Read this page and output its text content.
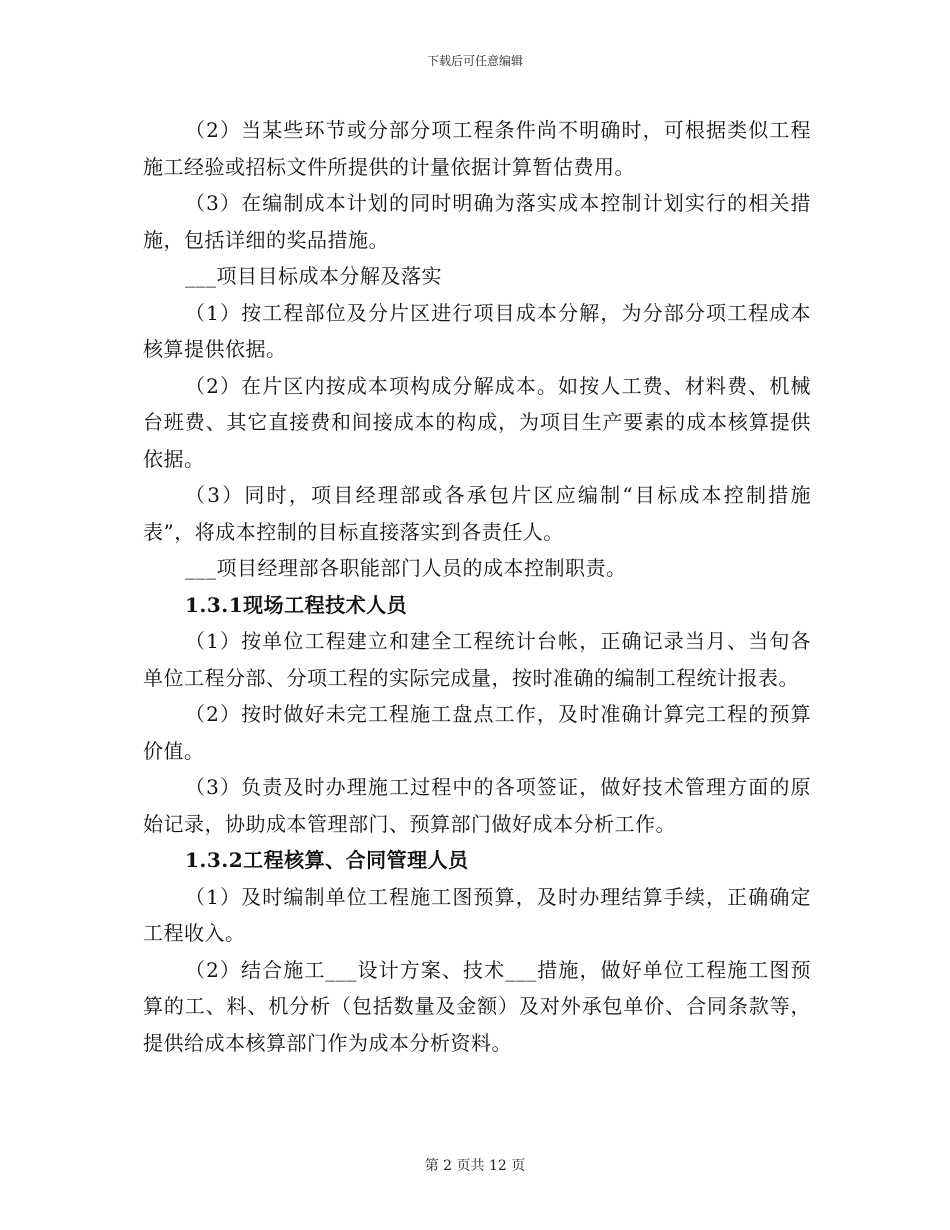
下载后可任意编辑

（2）当某些环节或分部分项工程条件尚不明确时，可根据类似工程施工经验或招标文件所提供的计量依据计算暂估费用。

（3）在编制成本计划的同时明确为落实成本控制计划实行的相关措施，包括详细的奖品措施。

___项目目标成本分解及落实

（1）按工程部位及分片区进行项目成本分解，为分部分项工程成本核算提供依据。

（2）在片区内按成本项构成分解成本。如按人工费、材料费、机械台班费、其它直接费和间接成本的构成，为项目生产要素的成本核算提供依据。

（3）同时，项目经理部或各承包片区应编制“目标成本控制措施表”，将成本控制的目标直接落实到各责任人。

___项目经理部各职能部门人员的成本控制职责。

1.3.1现场工程技术人员

（1）按单位工程建立和建全工程统计台帐，正确记录当月、当旬各单位工程分部、分项工程的实际完成量，按时准确的编制工程统计报表。

（2）按时做好未完工程施工盘点工作，及时准确计算完工程的预算价值。

（3）负责及时办理施工过程中的各项签证，做好技术管理方面的原始记录，协助成本管理部门、预算部门做好成本分析工作。

1.3.2工程核算、合同管理人员

（1）及时编制单位工程施工图预算，及时办理结算手续，正确确定工程收入。

（2）结合施工___设计方案、技术___措施，做好单位工程施工图预算的工、料、机分析（包括数量及金额）及对外承包单价、合同条款等，提供给成本核算部门作为成本分析资料。

第 2 页共 12 页
